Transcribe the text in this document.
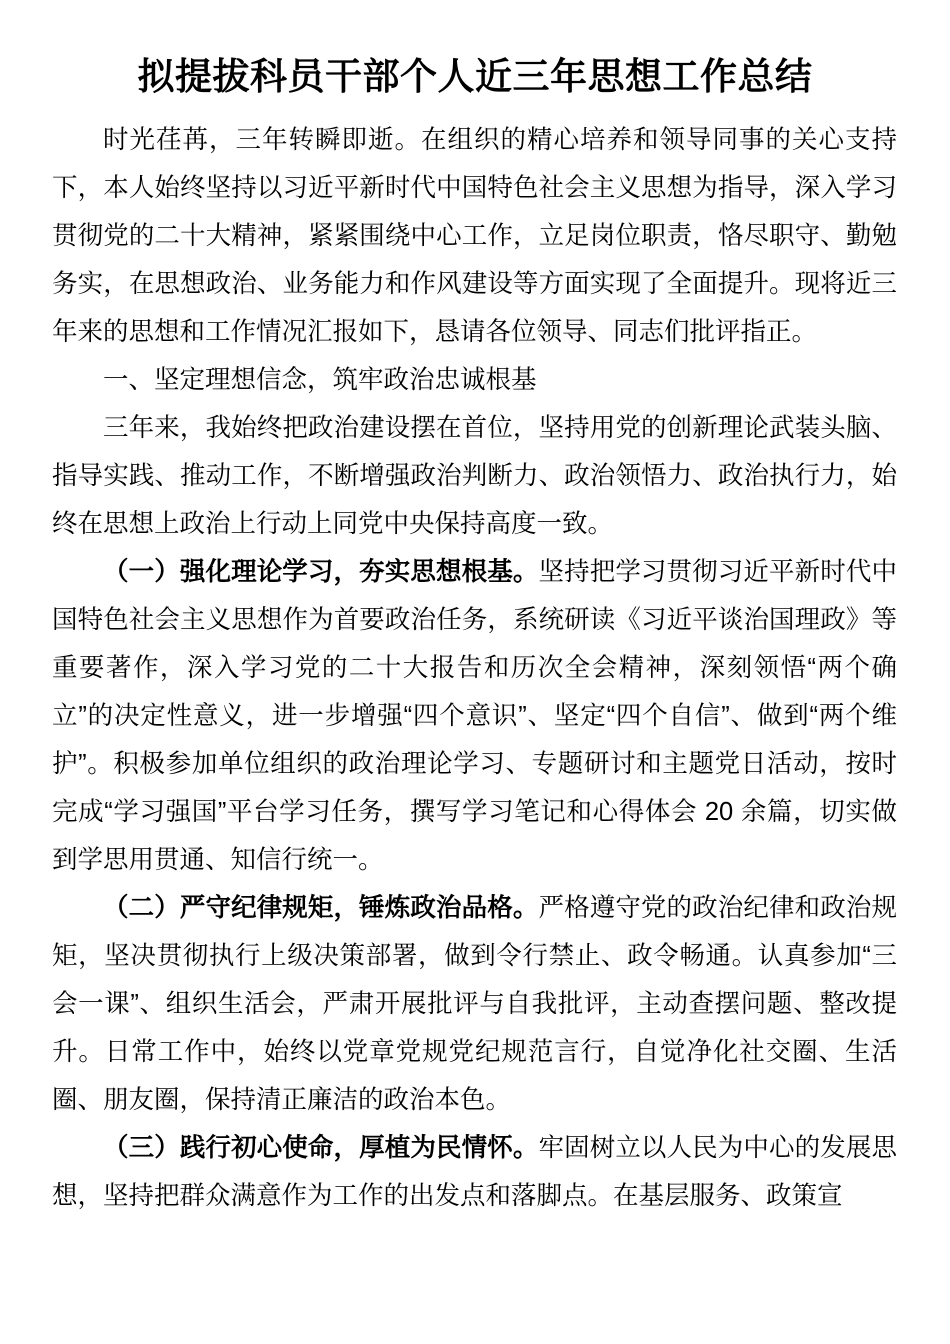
拟提拔科员干部个人近三年思想工作总结

时光荏苒，三年转瞬即逝。在组织的精心培养和领导同事的关心支持下，本人始终坚持以习近平新时代中国特色社会主义思想为指导，深入学习贯彻党的二十大精神，紧紧围绕中心工作，立足岗位职责，恪尽职守、勤勉务实，在思想政治、业务能力和作风建设等方面实现了全面提升。现将近三年来的思想和工作情况汇报如下，恳请各位领导、同志们批评指正。

一、坚定理想信念，筑牢政治忠诚根基

三年来，我始终把政治建设摆在首位，坚持用党的创新理论武装头脑、指导实践、推动工作，不断增强政治判断力、政治领悟力、政治执行力，始终在思想上政治上行动上同党中央保持高度一致。

（一）强化理论学习，夯实思想根基。坚持把学习贯彻习近平新时代中国特色社会主义思想作为首要政治任务，系统研读《习近平谈治国理政》等重要著作，深入学习党的二十大报告和历次全会精神，深刻领悟“两个确立”的决定性意义，进一步增强“四个意识”、坚定“四个自信”、做到“两个维护”。积极参加单位组织的政治理论学习、专题研讨和主题党日活动，按时完成“学习强国”平台学习任务，撰写学习笔记和心得体会 20 余篇，切实做到学思用贯通、知信行统一。

（二）严守纪律规矩，锤炼政治品格。严格遵守党的政治纪律和政治规矩，坚决贯彻执行上级决策部署，做到令行禁止、政令畅通。认真参加“三会一课”、组织生活会，严肃开展批评与自我批评，主动查摆问题、整改提升。日常工作中，始终以党章党规党纪规范言行，自觉净化社交圈、生活圈、朋友圈，保持清正廉洁的政治本色。

（三）践行初心使命，厚植为民情怀。牢固树立以人民为中心的发展思想，坚持把群众满意作为工作的出发点和落脚点。在基层服务、政策宣
